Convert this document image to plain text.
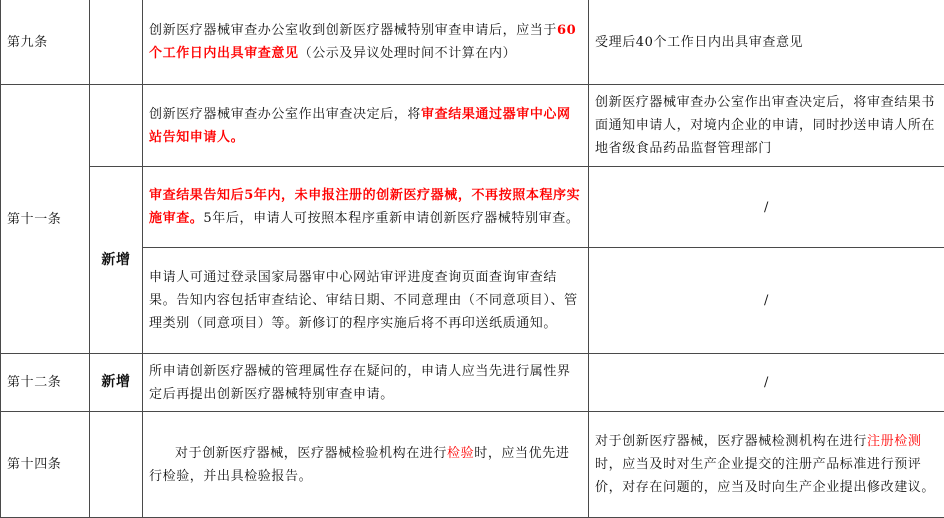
第九条		创新医疗器械审查办公室收到创新医疗器械特别审查申请后，应当于60个工作日内出具审查意见（公示及异议处理时间不计算在内）	受理后40个工作日内出具审查意见
第十一条		创新医疗器械审查办公室作出审查决定后，将审查结果通过器审中心网站告知申请人。	创新医疗器械审查办公室作出审查决定后，将审查结果书面通知申请人，对境内企业的申请，同时抄送申请人所在地省级食品药品监督管理部门
	新增	审查结果告知后5年内，未申报注册的创新医疗器械，不再按照本程序实施审查。5年后，申请人可按照本程序重新申请创新医疗器械特别审查。	/
		申请人可通过登录国家局器审中心网站审评进度查询页面查询审查结果。告知内容包括审查结论、审结日期、不同意理由（不同意项目）、管理类别（同意项目）等。新修订的程序实施后将不再印送纸质通知。	/
第十二条	新增	所申请创新医疗器械的管理属性存在疑问的，申请人应当先进行属性界定后再提出创新医疗器械特别审查申请。	/
第十四条		对于创新医疗器械，医疗器械检验机构在进行检验时，应当优先进行检验，并出具检验报告。	对于创新医疗器械，医疗器械检测机构在进行注册检测时，应当及时对生产企业提交的注册产品标准进行预评价，对存在问题的，应当及时向生产企业提出修改建议。
